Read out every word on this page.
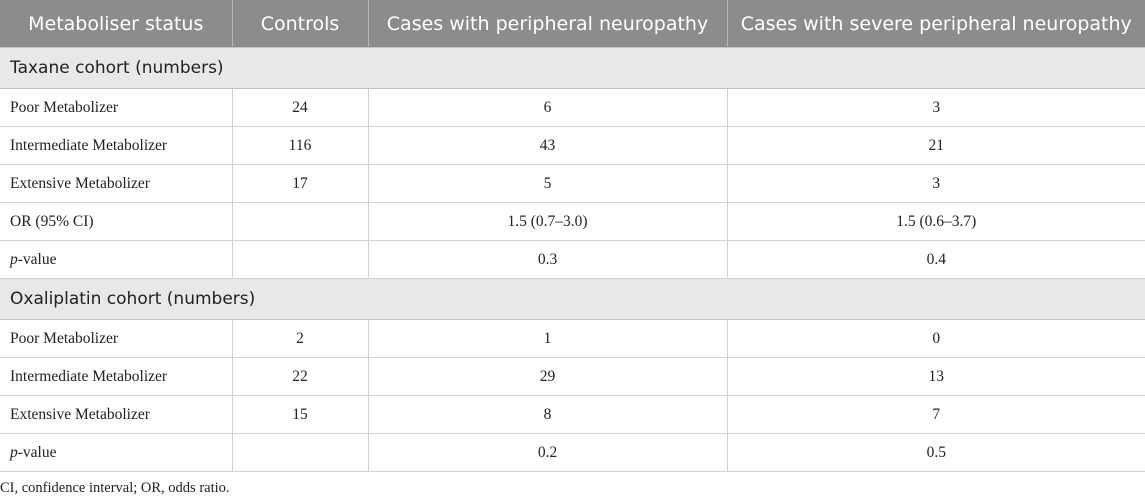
Metaboliser status	Controls	Cases with peripheral neuropathy	Cases with severe peripheral neuropathy
Taxane cohort (numbers)			
Poor Metabolizer	24	6	3
Intermediate Metabolizer	116	43	21
Extensive Metabolizer	17	5	3
OR (95% CI)		1.5 (0.7–3.0)	1.5 (0.6–3.7)
p-value		0.3	0.4
Oxaliplatin cohort (numbers)			
Poor Metabolizer	2	1	0
Intermediate Metabolizer	22	29	13
Extensive Metabolizer	15	8	7
p-value		0.2	0.5
CI, confidence interval; OR, odds ratio.
